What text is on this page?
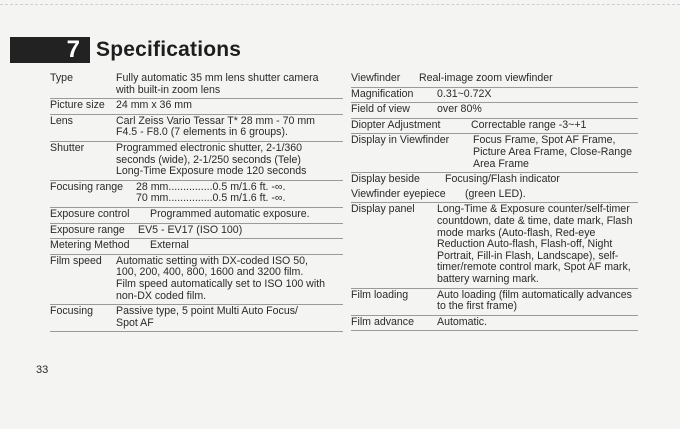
7 Specifications
Type	Fully automatic 35 mm lens shutter camera
with built-in zoom lens
Picture size	24 mm x 36 mm
Lens	Carl Zeiss Vario Tessar T* 28 mm - 70 mm
F4.5 - F8.0 (7 elements in 6 groups).
Shutter	Programmed electronic shutter, 2-1/360
seconds (wide), 2-1/250 seconds (Tele)
Long-Time Exposure mode 120 seconds
Focusing range	28 mm...............0.5 m/1.6 ft. -∞.
70 mm...............0.5 m/1.6 ft. -∞.
Exposure control	Programmed automatic exposure.
Exposure range	EV5 - EV17 (ISO 100)
Metering Method	External
Film speed	Automatic setting with DX-coded ISO 50,
100, 200, 400, 800, 1600 and 3200 film.
Film speed automatically set to ISO 100 with
non-DX coded film.
Focusing	Passive type, 5 point Multi Auto Focus/
Spot AF
Viewfinder	Real-image zoom viewfinder
Magnification	0.31~0.72X
Field of view	over 80%
Diopter Adjustment	Correctable range -3~+1
Display in Viewfinder	Focus Frame, Spot AF Frame,
Picture Area Frame, Close-Range
Area Frame
Display beside	Focusing/Flash indicator
Viewfinder eyepiece	(green LED).
Display panel	Long-Time & Exposure counter/self-timer
countdown, date & time, date mark, Flash
mode marks (Auto-flash, Red-eye
Reduction Auto-flash, Flash-off, Night
Portrait, Fill-in Flash, Landscape), self-
timer/remote control mark, Spot AF mark,
battery warning mark.
Film loading	Auto loading (film automatically advances
to the first frame)
Film advance	Automatic.
33
